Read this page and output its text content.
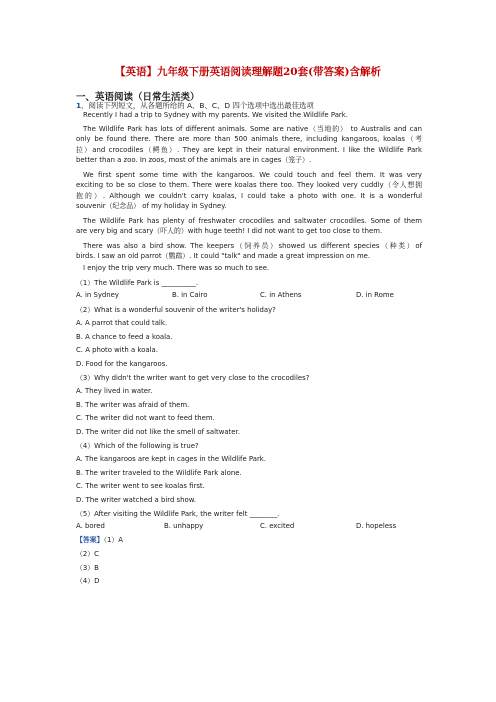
【英语】九年级下册英语阅读理解题20套(带答案)含解析
一、英语阅读（日常生活类）
1．阅读下列短文，从各题所给的 A、B、C、D 四个选项中选出最佳选项
Recently I had a trip to Sydney with my parents. We visited the Wildlife Park.
The Wildlife Park has lots of different animals. Some are native（当地的） to Australis and can
only be found there. There are more than 500 animals there, including kangaroos, koalas（考
拉）and crocodiles（鳄鱼）. They are kept in their natural environment. I like the Wildlife Park
better than a zoo. In zoos, most of the animals are in cages（笼子）.
We first spent some time with the kangaroos. We could touch and feel them. It was very
exciting to be so close to them. There were koalas there too. They looked very cuddly（令人想拥
抱的）. Although we couldn't carry koalas, I could take a photo with one. It is a wonderful
souvenir（纪念品） of my holiday in Sydney.
The Wildlife Park has plenty of freshwater crocodiles and saltwater crocodiles. Some of them
are very big and scary（吓人的）with huge teeth! I did not want to get too close to them.
There was also a bird show. The keepers（饲养员）showed us different species（种类）of
birds. I saw an old parrot（鹦鹉）. It could "talk" and made a great impression on me.
I enjoy the trip very much. There was so much to see.
（1）The Wildlife Park is __________.
A. in Sydney	B. in Cairo	C. in Athens	D. in Rome
（2）What is a wonderful souvenir of the writer's holiday?
A. A parrot that could talk.
B. A chance to feed a koala.
C. A photo with a koala.
D. Food for the kangaroos.
（3）Why didn't the writer want to get very close to the crocodiles?
A. They lived in water.
B. The writer was afraid of them.
C. The writer did not want to feed them.
D. The writer did not like the smell of saltwater.
（4）Which of the following is true?
A. The kangaroos are kept in cages in the Wildlife Park.
B. The writer traveled to the Wildlife Park alone.
C. The writer went to see koalas first.
D. The writer watched a bird show.
（5）After visiting the Wildlife Park, the writer felt ________.
A. bored	B. unhappy	C. excited	D. hopeless
【答案】（1）A
（2）C
（3）B
（4）D
